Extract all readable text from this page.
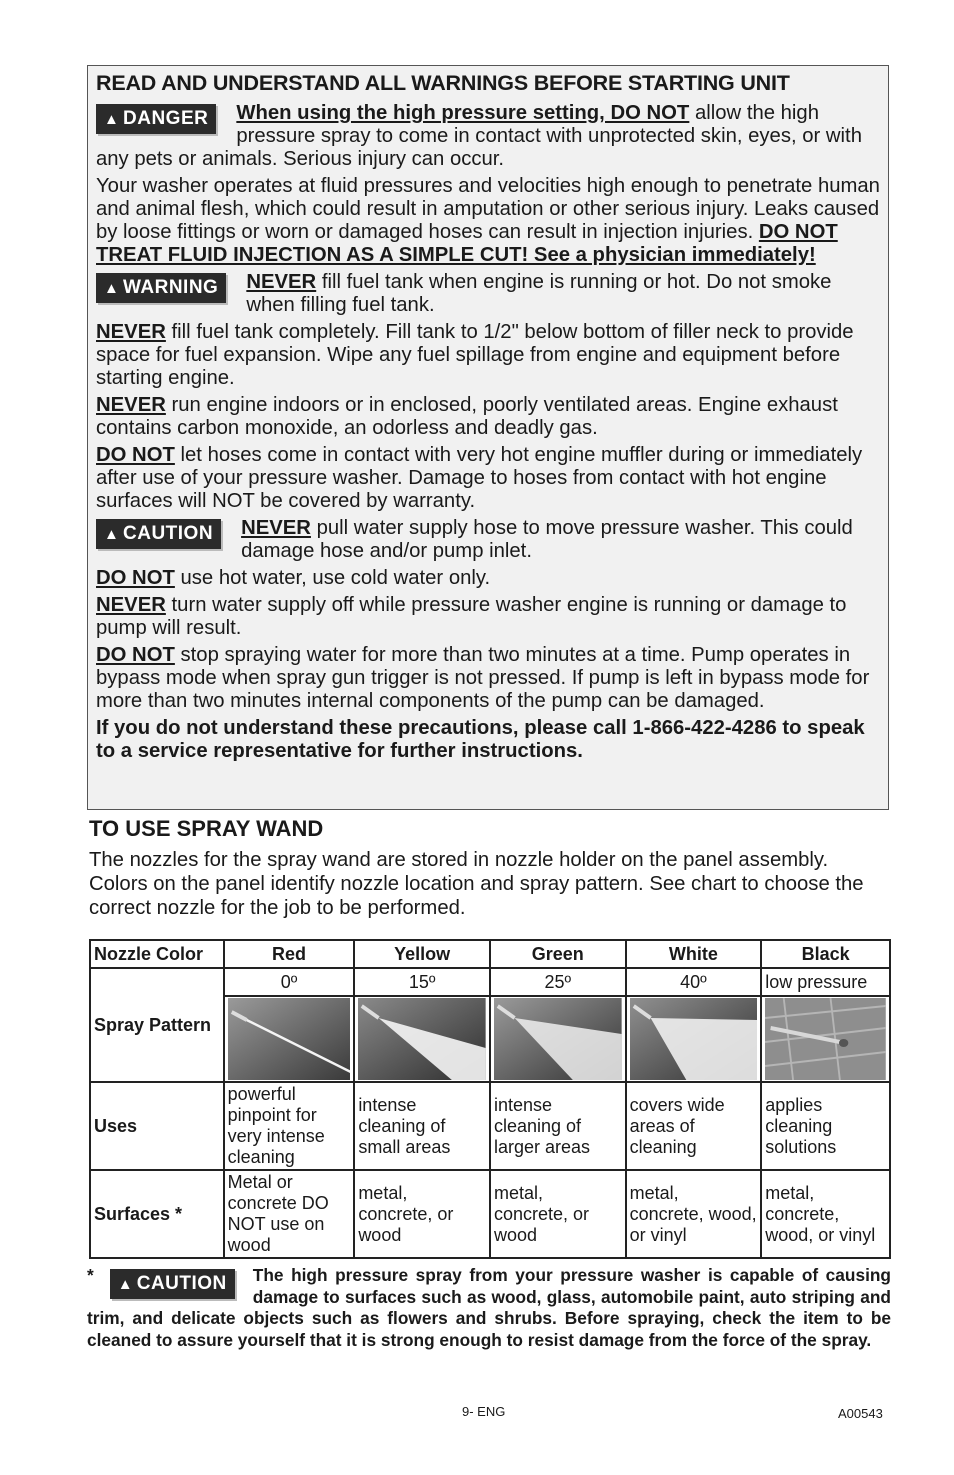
READ AND UNDERSTAND ALL WARNINGS BEFORE STARTING UNIT

▲ DANGER	When using the high pressure setting, DO NOT allow the high pressure spray to come in contact with unprotected skin, eyes, or with any pets or animals. Serious injury can occur.

Your washer operates at fluid pressures and velocities high enough to penetrate human and animal flesh, which could result in amputation or other serious injury. Leaks caused by loose fittings or worn or damaged hoses can result in injection injuries. DO NOT TREAT FLUID INJECTION AS A SIMPLE CUT! See a physician immediately!

▲ WARNING	NEVER fill fuel tank when engine is running or hot. Do not smoke when filling fuel tank.

NEVER fill fuel tank completely. Fill tank to 1/2" below bottom of filler neck to provide space for fuel expansion. Wipe any fuel spillage from engine and equipment before starting engine.

NEVER run engine indoors or in enclosed, poorly ventilated areas. Engine exhaust contains carbon monoxide, an odorless and deadly gas.

DO NOT let hoses come in contact with very hot engine muffler during or immediately after use of your pressure washer. Damage to hoses from contact with hot engine surfaces will NOT be covered by warranty.

▲ CAUTION	NEVER pull water supply hose to move pressure washer. This could damage hose and/or pump inlet.

DO NOT use hot water, use cold water only.

NEVER turn water supply off while pressure washer engine is running or damage to pump will result.

DO NOT stop spraying water for more than two minutes at a time. Pump operates in bypass mode when spray gun trigger is not pressed. If pump is left in bypass mode for more than two minutes internal components of the pump can be damaged.

If you do not understand these precautions, please call 1-866-422-4286 to speak to a service representative for further instructions.

TO USE SPRAY WAND

The nozzles for the spray wand are stored in nozzle holder on the panel assembly. Colors on the panel identify nozzle location and spray pattern. See chart to choose the correct nozzle for the job to be performed.

Nozzle Color	Red	Yellow	Green	White	Black
Spray Pattern	0º	15º	25º	40º	low pressure

Uses	powerful pinpoint for very intense cleaning	intense cleaning of small areas	intense cleaning of larger areas	covers wide areas of cleaning	applies cleaning solutions
Surfaces *	Metal or concrete DO NOT use on wood	metal, concrete, or wood	metal, concrete, or wood	metal, concrete, wood, or vinyl	metal, concrete, wood, or vinyl
*	▲ CAUTION	The high pressure spray from your pressure washer is capable of causing damage to surfaces such as wood, glass, automobile paint, auto striping and trim, and delicate objects such as flowers and shrubs. Before spraying, check the item to be cleaned to assure yourself that it is strong enough to resist damage from the force of the spray.
9- ENG	A00543
